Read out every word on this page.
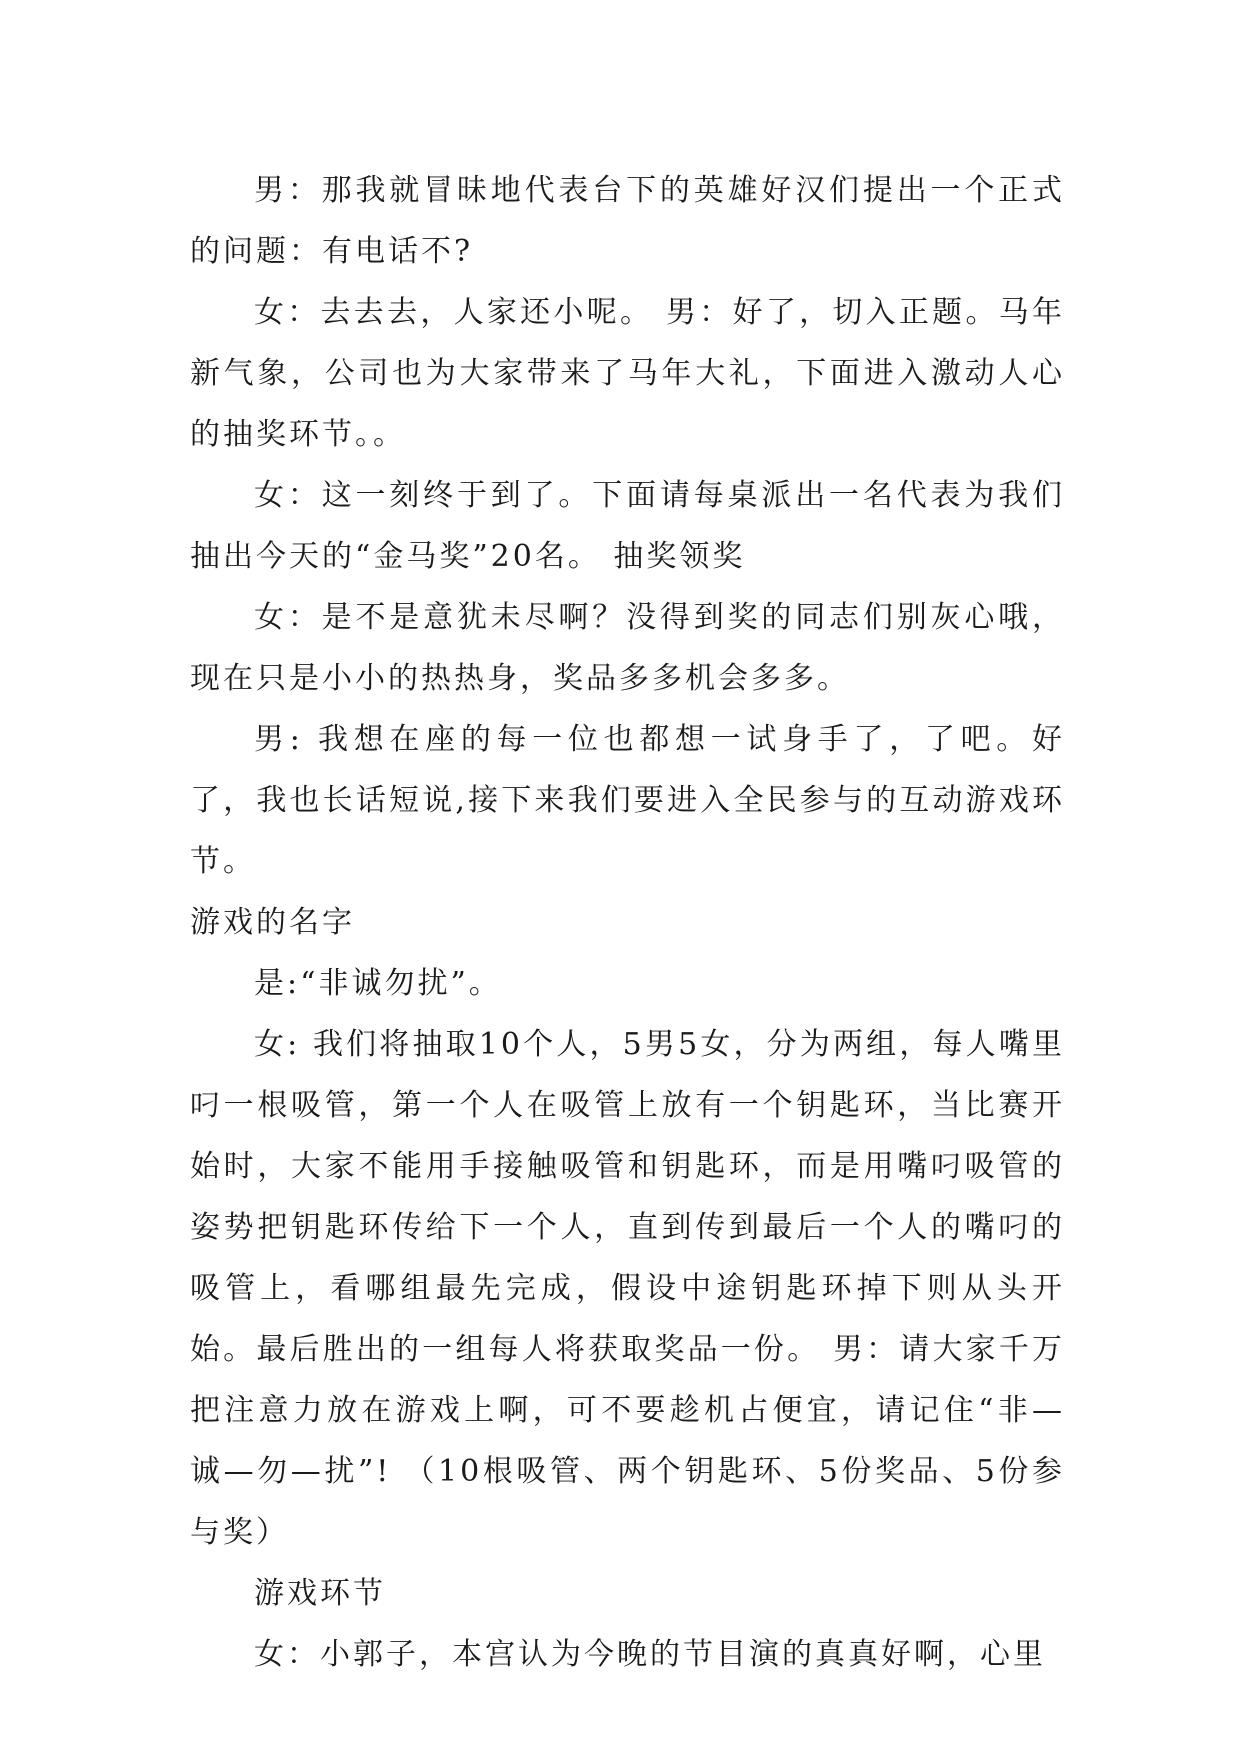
男：那我就冒昧地代表台下的英雄好汉们提出一个正式的问题：有电话不?

女：去去去，人家还小呢。 男：好了，切入正题。马年新气象，公司也为大家带来了马年大礼，下面进入激动人心的抽奖环节。。

女：这一刻终于到了。下面请每桌派出一名代表为我们抽出今天的“金马奖”20名。 抽奖领奖

女：是不是意犹未尽啊？没得到奖的同志们别灰心哦，现在只是小小的热热身，奖品多多机会多多。

男: 我想在座的每一位也都想一试身手了，了吧。好了，我也长话短说,接下来我们要进入全民参与的互动游戏环节。

游戏的名字

是:“非诚勿扰”。

女: 我们将抽取10个人，5男5女，分为两组，每人嘴里叼一根吸管，第一个人在吸管上放有一个钥匙环，当比赛开始时，大家不能用手接触吸管和钥匙环，而是用嘴叼吸管的姿势把钥匙环传给下一个人，直到传到最后一个人的嘴叼的吸管上，看哪组最先完成，假设中途钥匙环掉下则从头开始。最后胜出的一组每人将获取奖品一份。 男：请大家千万把注意力放在游戏上啊，可不要趁机占便宜，请记住“非—诚—勿—扰”! （10根吸管、两个钥匙环、5份奖品、5份参与奖）

游戏环节

女：小郭子，本宫认为今晚的节目演的真真好啊，心里
